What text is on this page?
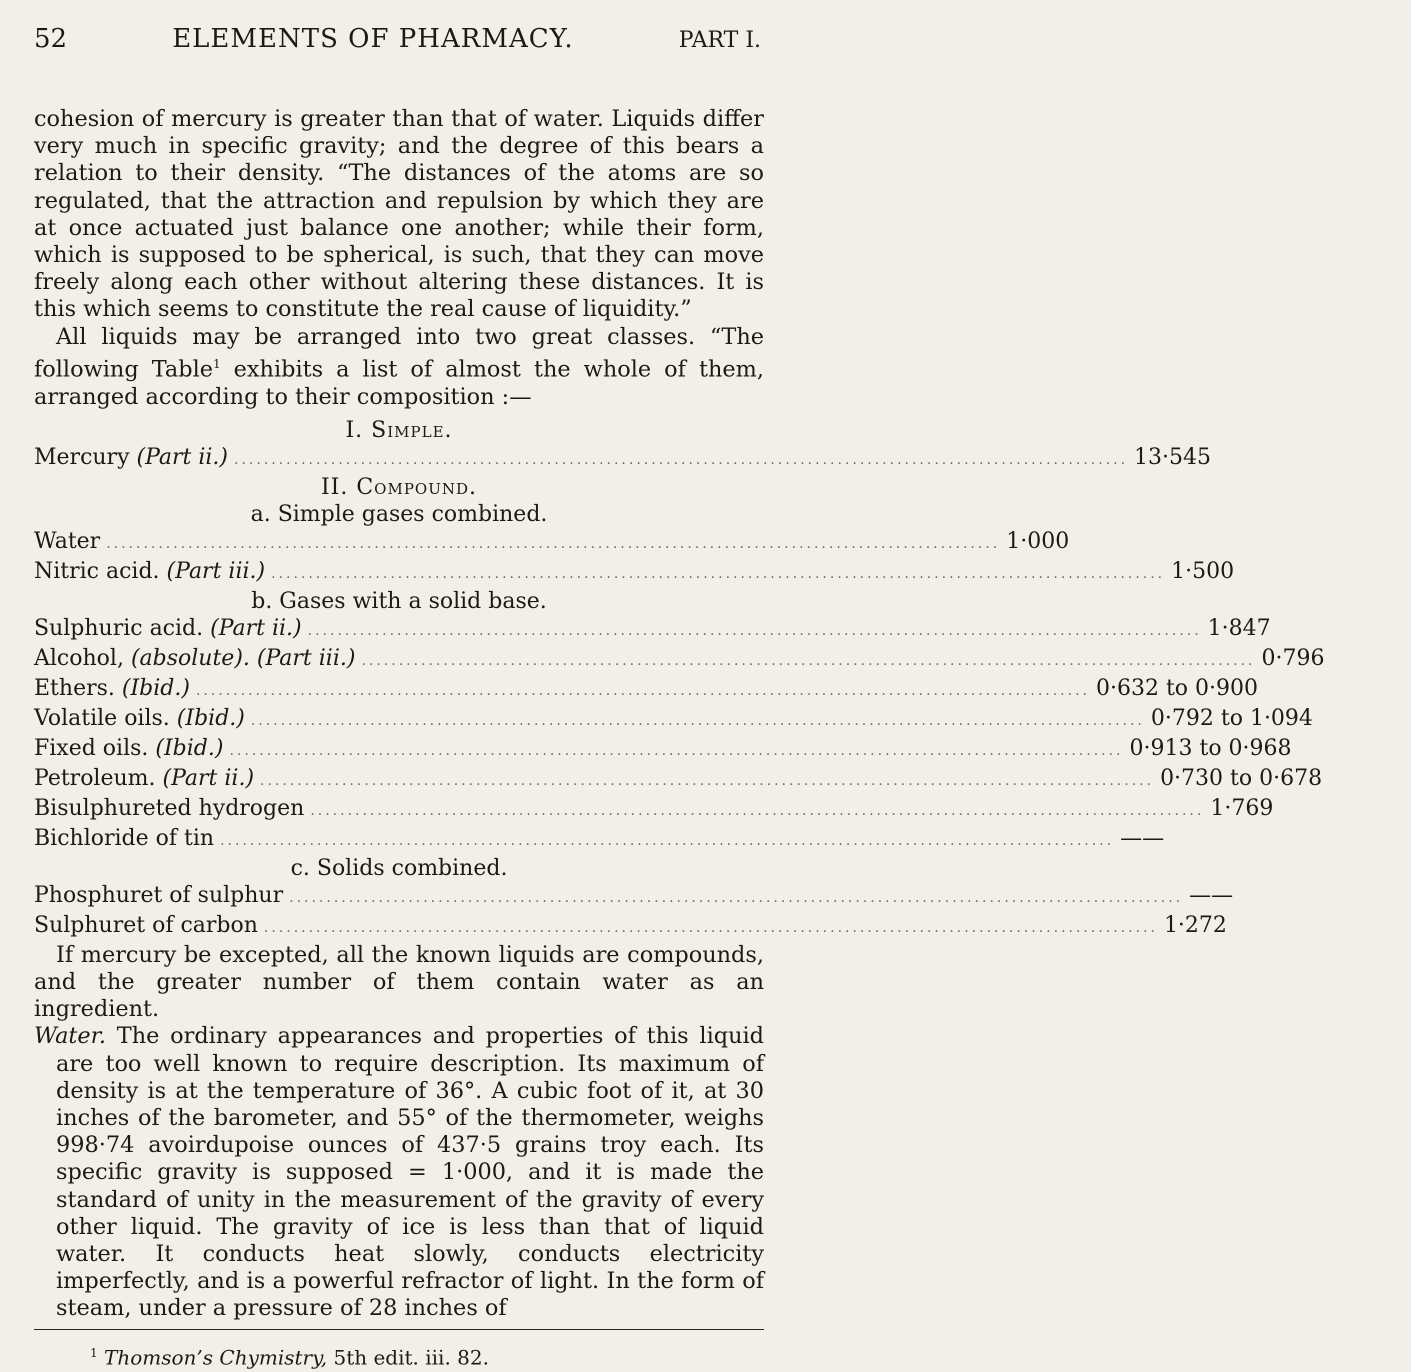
52	ELEMENTS OF PHARMACY.	PART I.

cohesion of mercury is greater than that of water. Liquids differ very much in specific gravity; and the degree of this bears a relation to their density. “The distances of the atoms are so regulated, that the attraction and repulsion by which they are at once actuated just balance one another; while their form, which is supposed to be spherical, is such, that they can move freely along each other without altering these distances. It is this which seems to constitute the real cause of liquidity.”

All liquids may be arranged into two great classes. “The following Table$^1$ exhibits a list of almost the whole of them, arranged according to their composition :—

I. Simple.

Mercury (Part ii.) ........................................................................................................................ 13·545

II. Compound.

a. Simple gases combined.

Water ........................................................................................................................ 1·000
Nitric acid. (Part iii.) ........................................................................................................................ 1·500

b. Gases with a solid base.

Sulphuric acid. (Part ii.) ........................................................................................................................ 1·847
Alcohol, (absolute). (Part iii.) ........................................................................................................................ 0·796
Ethers. (Ibid.) ........................................................................................................................ 0·632 to 0·900
Volatile oils. (Ibid.) ........................................................................................................................ 0·792 to 1·094
Fixed oils. (Ibid.) ........................................................................................................................ 0·913 to 0·968
Petroleum. (Part ii.) ........................................................................................................................ 0·730 to 0·678
Bisulphureted hydrogen ........................................................................................................................ 1·769
Bichloride of tin ........................................................................................................................ ——

c. Solids combined.

Phosphuret of sulphur ........................................................................................................................ ——
Sulphuret of carbon ........................................................................................................................ 1·272

If mercury be excepted, all the known liquids are compounds, and the greater number of them contain water as an ingredient.

Water. The ordinary appearances and properties of this liquid are too well known to require description. Its maximum of density is at the temperature of 36°. A cubic foot of it, at 30 inches of the barometer, and 55° of the thermometer, weighs 998·74 avoirdupoise ounces of 437·5 grains troy each. Its specific gravity is supposed = 1·000, and it is made the standard of unity in the measurement of the gravity of every other liquid. The gravity of ice is less than that of liquid water. It conducts heat slowly, conducts electricity imperfectly, and is a powerful refractor of light. In the form of steam, under a pressure of 28 inches of

$^1$ Thomson’s Chymistry, 5th edit. iii. 82.
